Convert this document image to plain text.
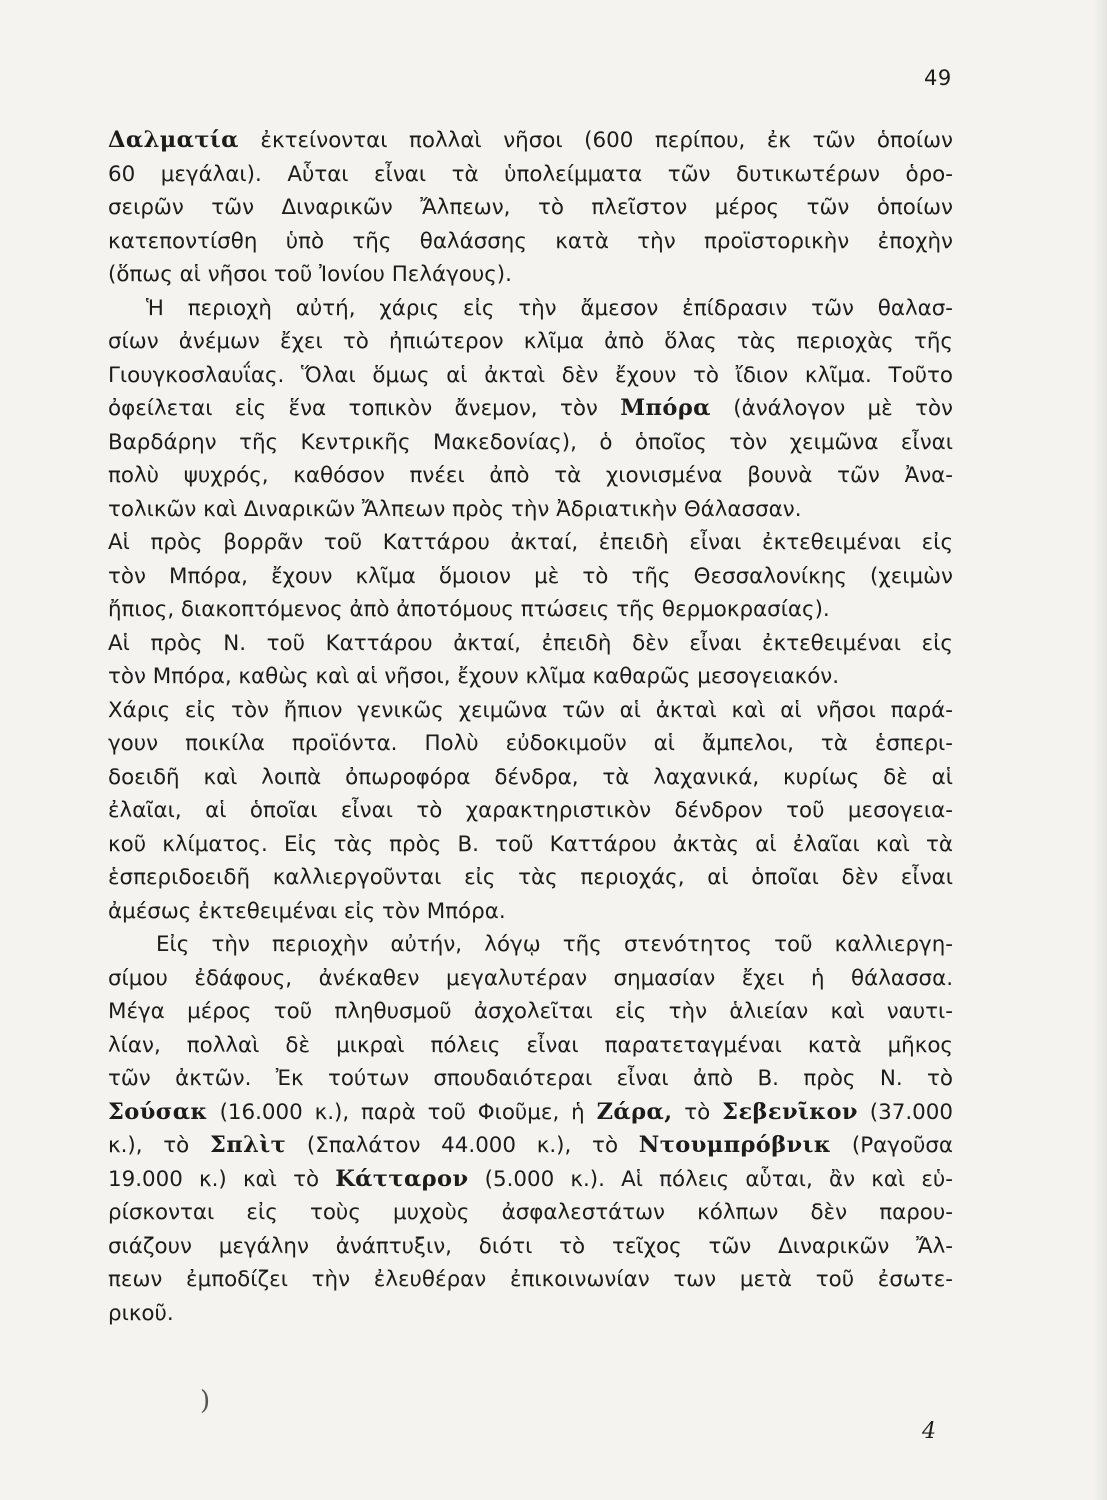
49
Δαλματία ἐκτείνονται πολλαὶ νῆσοι (600 περίπου, ἐκ τῶν ὁποίων
60 μεγάλαι). Αὗται εἶναι τὰ ὑπολείμματα τῶν δυτικωτέρων ὁρο-
σειρῶν τῶν Διναρικῶν Ἄλπεων, τὸ πλεῖστον μέρος τῶν ὁποίων
κατεποντίσθη ὑπὸ τῆς θαλάσσης κατὰ τὴν προϊστορικὴν ἐποχὴν
(ὅπως αἱ νῆσοι τοῦ Ἰονίου Πελάγους).
Ἡ περιοχὴ αὐτή, χάρις εἰς τὴν ἄμεσον ἐπίδρασιν τῶν θαλασ-
σίων ἀνέμων ἔχει τὸ ἠπιώτερον κλῖμα ἀπὸ ὅλας τὰς περιοχὰς τῆς
Γιουγκοσλαυΐας. Ὅλαι ὅμως αἱ ἀκταὶ δὲν ἔχουν τὸ ἴδιον κλῖμα. Τοῦτο
ὀφείλεται εἰς ἕνα τοπικὸν ἄνεμον, τὸν Μπόρα (ἀνάλογον μὲ τὸν
Βαρδάρην τῆς Κεντρικῆς Μακεδονίας), ὁ ὁποῖος τὸν χειμῶνα εἶναι
πολὺ ψυχρός, καθόσον πνέει ἀπὸ τὰ χιονισμένα βουνὰ τῶν Ἀνα-
τολικῶν καὶ Διναρικῶν Ἄλπεων πρὸς τὴν Ἀδριατικὴν Θάλασσαν.
Αἱ πρὸς βορρᾶν τοῦ Καττάρου ἀκταί, ἐπειδὴ εἶναι ἐκτεθειμέναι εἰς
τὸν Μπόρα, ἔχουν κλῖμα ὅμοιον μὲ τὸ τῆς Θεσσαλονίκης (χειμὼν
ἤπιος, διακοπτόμενος ἀπὸ ἀποτόμους πτώσεις τῆς θερμοκρασίας).
Αἱ πρὸς Ν. τοῦ Καττάρου ἀκταί, ἐπειδὴ δὲν εἶναι ἐκτεθειμέναι εἰς
τὸν Μπόρα, καθὼς καὶ αἱ νῆσοι, ἔχουν κλῖμα καθαρῶς μεσογειακόν.
Χάρις εἰς τὸν ἤπιον γενικῶς χειμῶνα τῶν αἱ ἀκταὶ καὶ αἱ νῆσοι παρά-
γουν ποικίλα προϊόντα. Πολὺ εὐδοκιμοῦν αἱ ἄμπελοι, τὰ ἑσπερι-
δοειδῆ καὶ λοιπὰ ὀπωροφόρα δένδρα, τὰ λαχανικά, κυρίως δὲ αἱ
ἐλαῖαι, αἱ ὁποῖαι εἶναι τὸ χαρακτηριστικὸν δένδρον τοῦ μεσογεια-
κοῦ κλίματος. Εἰς τὰς πρὸς Β. τοῦ Καττάρου ἀκτὰς αἱ ἐλαῖαι καὶ τὰ
ἑσπεριδοειδῆ καλλιεργοῦνται εἰς τὰς περιοχάς, αἱ ὁποῖαι δὲν εἶναι
ἀμέσως ἐκτεθειμέναι εἰς τὸν Μπόρα.
Εἰς τὴν περιοχὴν αὐτήν, λόγῳ τῆς στενότητος τοῦ καλλιεργη-
σίμου ἐδάφους, ἀνέκαθεν μεγαλυτέραν σημασίαν ἔχει ἡ θάλασσα.
Μέγα μέρος τοῦ πληθυσμοῦ ἀσχολεῖται εἰς τὴν ἁλιείαν καὶ ναυτι-
λίαν, πολλαὶ δὲ μικραὶ πόλεις εἶναι παρατεταγμέναι κατὰ μῆκος
τῶν ἀκτῶν. Ἐκ τούτων σπουδαιότεραι εἶναι ἀπὸ Β. πρὸς Ν. τὸ
Σούσακ (16.000 κ.), παρὰ τοῦ Φιοῦμε, ἡ Ζάρα, τὸ Σεβενῖκον (37.000
κ.), τὸ Σπλὶτ (Σπαλάτον 44.000 κ.), τὸ Ντουμπρόβνικ (Ραγοῦσα
19.000 κ.) καὶ τὸ Κάτταρον (5.000 κ.). Αἱ πόλεις αὗται, ἂν καὶ εὑ-
ρίσκονται εἰς τοὺς μυχοὺς ἀσφαλεστάτων κόλπων δὲν παρου-
σιάζουν μεγάλην ἀνάπτυξιν, διότι τὸ τεῖχος τῶν Διναρικῶν Ἄλ-
πεων ἐμποδίζει τὴν ἐλευθέραν ἐπικοινωνίαν των μετὰ τοῦ ἐσωτε-
ρικοῦ.
)
4
